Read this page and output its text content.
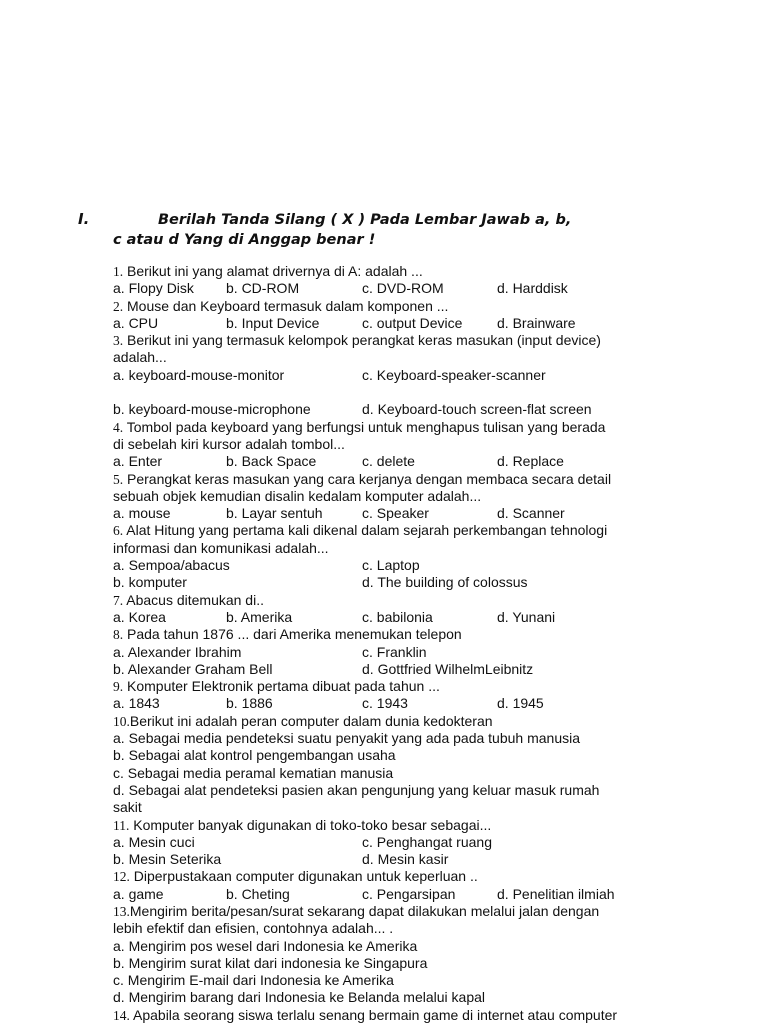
I.	Berilah Tanda Silang ( X ) Pada Lembar Jawab a, b,
c atau d Yang di Anggap benar !
1. Berikut ini yang alamat drivernya di A: adalah ...
a. Flopy Disk b. CD-ROM	c. DVD-ROM	d. Harddisk
2. Mouse dan Keyboard termasuk dalam komponen ...
a. CPU	b. Input Device	c. output Device d. Brainware
3. Berikut ini yang termasuk kelompok perangkat keras masukan (input device)
adalah...
a. keyboard-mouse-monitor	c. Keyboard-speaker-scanner
b. keyboard-mouse-microphone	d. Keyboard-touch screen-flat screen
4. Tombol pada keyboard yang berfungsi untuk menghapus tulisan yang berada
di sebelah kiri kursor adalah tombol...
a. Enter	b. Back Space	c. delete	d. Replace
5. Perangkat keras masukan yang cara kerjanya dengan membaca secara detail
sebuah objek kemudian disalin kedalam komputer adalah...
a. mouse	b. Layar sentuh	c. Speaker	d. Scanner
6. Alat Hitung yang pertama kali dikenal dalam sejarah perkembangan tehnologi
informasi dan komunikasi adalah...
a. Sempoa/abacus	c. Laptop
b. komputer	d. The building of colossus
7. Abacus ditemukan di..
a. Korea	b. Amerika	c. babilonia	d. Yunani
8. Pada tahun 1876 ... dari Amerika menemukan telepon
a. Alexander Ibrahim	c. Franklin
b. Alexander Graham Bell	d. Gottfried WilhelmLeibnitz
9. Komputer Elektronik pertama dibuat pada tahun ...
a. 1843	b. 1886	c. 1943	d. 1945
10.Berikut ini adalah peran computer dalam dunia kedokteran
a. Sebagai media pendeteksi suatu penyakit yang ada pada tubuh manusia
b. Sebagai alat kontrol pengembangan usaha
c. Sebagai media peramal kematian manusia
d. Sebagai alat pendeteksi pasien akan pengunjung yang keluar masuk rumah
sakit
11. Komputer banyak digunakan di toko-toko besar sebagai...
a. Mesin cuci	c. Penghangat ruang
b. Mesin Seterika	d. Mesin kasir
12. Diperpustakaan computer digunakan untuk keperluan ..
a. game	b. Cheting	c. Pengarsipan	d. Penelitian ilmiah
13.Mengirim berita/pesan/surat sekarang dapat dilakukan melalui jalan dengan
lebih efektif dan efisien, contohnya adalah... .
a. Mengirim pos wesel dari Indonesia ke Amerika
b. Mengirim surat kilat dari indonesia ke Singapura
c. Mengirim E-mail dari Indonesia ke Amerika
d. Mengirim barang dari Indonesia ke Belanda melalui kapal
14. Apabila seorang siswa terlalu senang bermain game di internet atau computer
